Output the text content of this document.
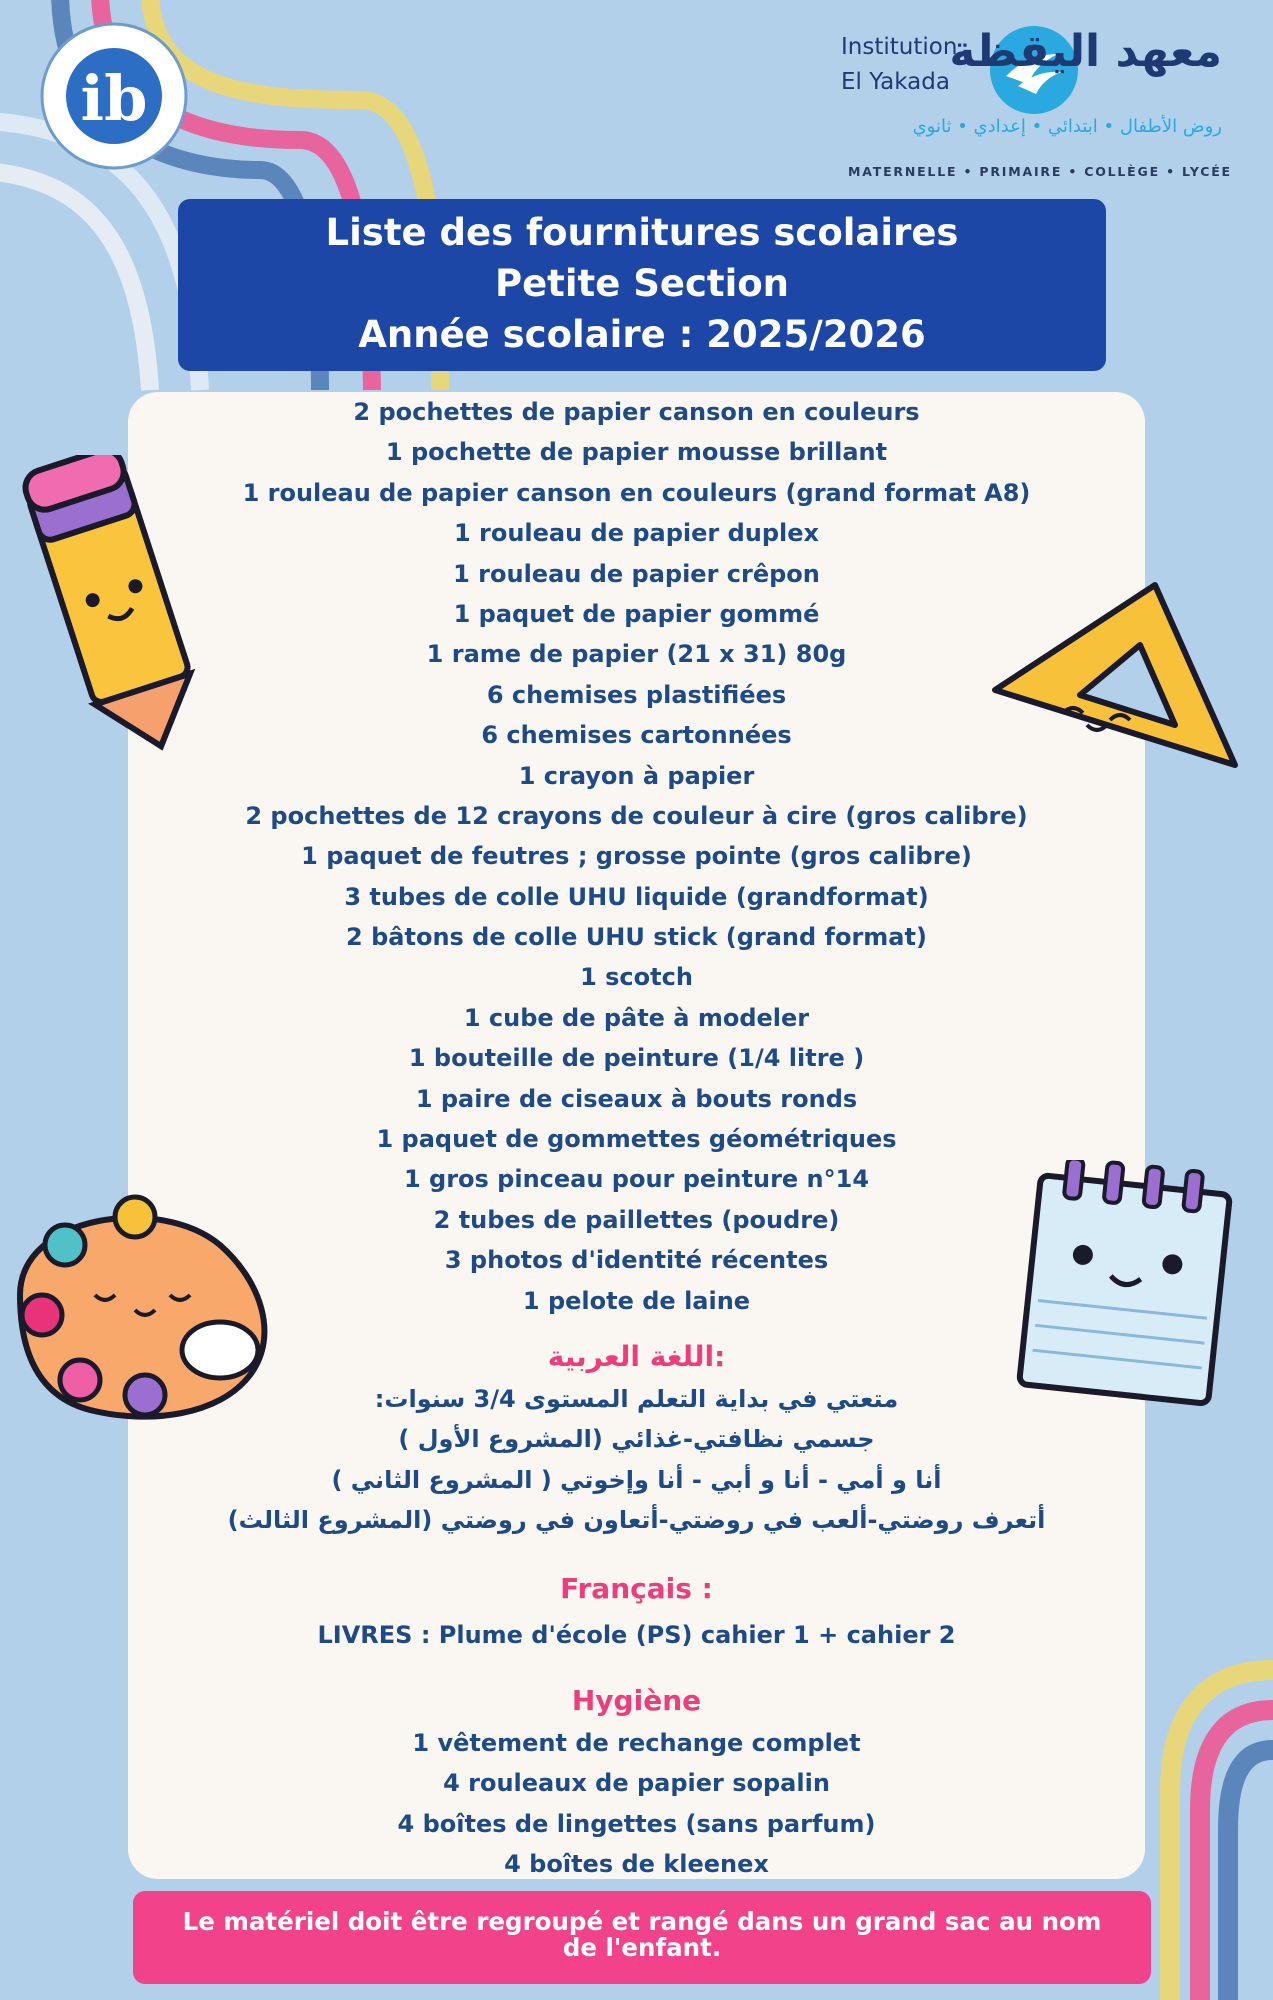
ib
Institution
El Yakada
معهد اليقظة
روض الأطفال • ابتدائي • إعدادي • ثانوي
MATERNELLE • PRIMAIRE • COLLÈGE • LYCÉE
Liste des fournitures scolaires
Petite Section
Année scolaire : 2025/2026
2 pochettes de papier canson en couleurs
1 pochette de papier mousse brillant
1 rouleau de papier canson en couleurs (grand format A8)
1 rouleau de papier duplex
1 rouleau de papier crêpon
1 paquet de papier gommé
1 rame de papier (21 x 31) 80g
6 chemises plastifiées
6 chemises cartonnées
1 crayon à papier
2 pochettes de 12 crayons de couleur à cire (gros calibre)
1 paquet de feutres ; grosse pointe (gros calibre)
3 tubes de colle UHU liquide (grandformat)
2 bâtons de colle UHU stick (grand format)
1 scotch
1 cube de pâte à modeler
1 bouteille de peinture (1/4 litre )
1 paire de ciseaux à bouts ronds
1 paquet de gommettes géométriques
1 gros pinceau pour peinture n°14
2 tubes de paillettes (poudre)
3 photos d'identité récentes
1 pelote de laine
اللغة العربية:
متعتي في بداية التعلم المستوى 3/4 سنوات:
جسمي نظافتي-غذائي (المشروع الأول )
أنا و أمي - أنا و أبي - أنا وإخوتي ( المشروع الثاني )
أتعرف روضتي-ألعب في روضتي-أتعاون في روضتي (المشروع الثالث)
Français :
LIVRES : Plume d'école (PS) cahier 1 + cahier 2
Hygiène
1 vêtement de rechange complet
4 rouleaux de papier sopalin
4 boîtes de lingettes (sans parfum)
4 boîtes de kleenex
Le matériel doit être regroupé et rangé dans un grand sac au nom de l'enfant.
